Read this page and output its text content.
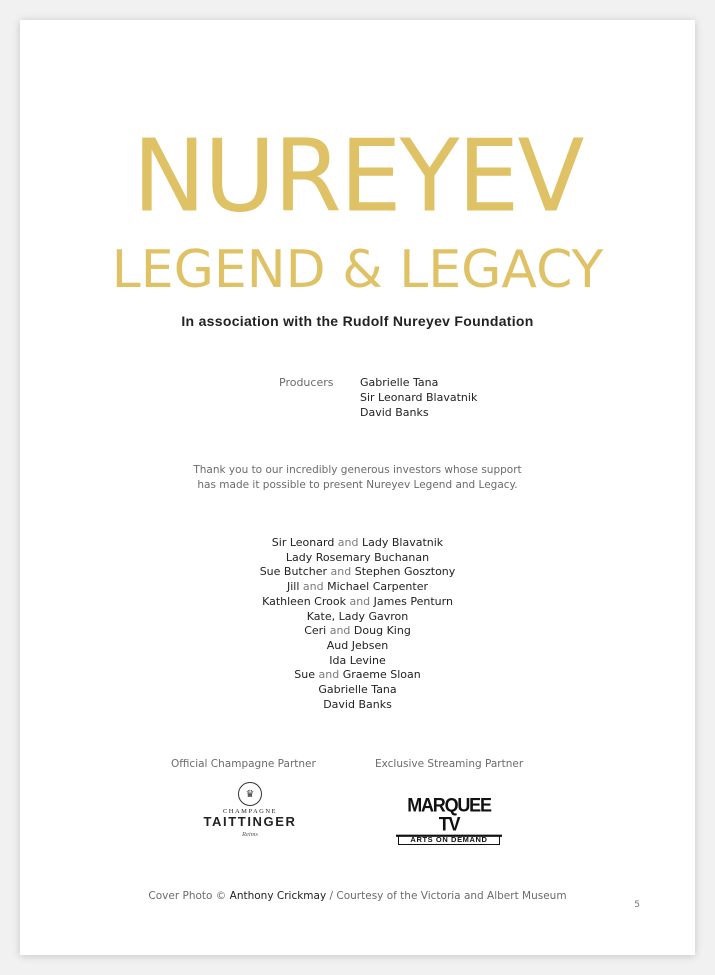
NUREYEV
LEGEND & LEGACY
In association with the Rudolf Nureyev Foundation
Producers	Gabrielle Tana
Sir Leonard Blavatnik
David Banks
Thank you to our incredibly generous investors whose support
has made it possible to present Nureyev Legend and Legacy.
Sir Leonard and Lady Blavatnik
Lady Rosemary Buchanan
Sue Butcher and Stephen Gosztony
Jill and Michael Carpenter
Kathleen Crook and James Penturn
Kate, Lady Gavron
Ceri and Doug King
Aud Jebsen
Ida Levine
Sue and Graeme Sloan
Gabrielle Tana
David Banks
Official Champagne Partner	Exclusive Streaming Partner
♛
CHAMPAGNE
TAITTINGER
Reims
MARQUEE TV
ARTS ON DEMAND
Cover Photo © Anthony Crickmay / Courtesy of the Victoria and Albert Museum
5
